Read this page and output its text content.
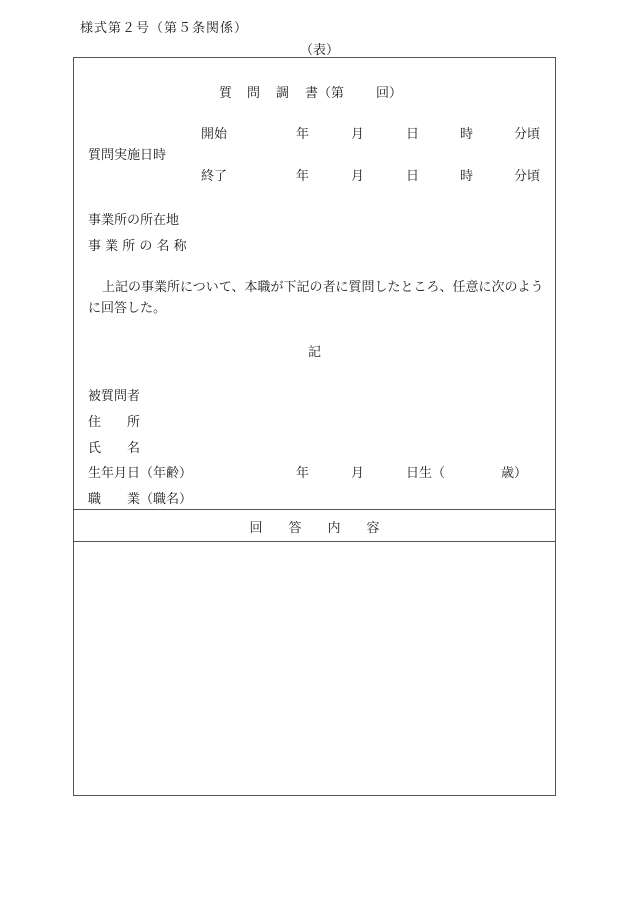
様式第２号（第５条関係）
（表）
質 問 調 書（第 回）
質問実施日時
開始	年	月	日	時	分頃
終了	年	月	日	時	分頃
事業所の所在地
事 業 所 の 名 称
上記の事業所について、本職が下記の者に質問したところ、任意に次のように回答した。
記
被質問者
住　　所
氏　　名
生年月日（年齢）	年	月	日生（	歳）
職　　業（職名）
回　　答　　内　　容
